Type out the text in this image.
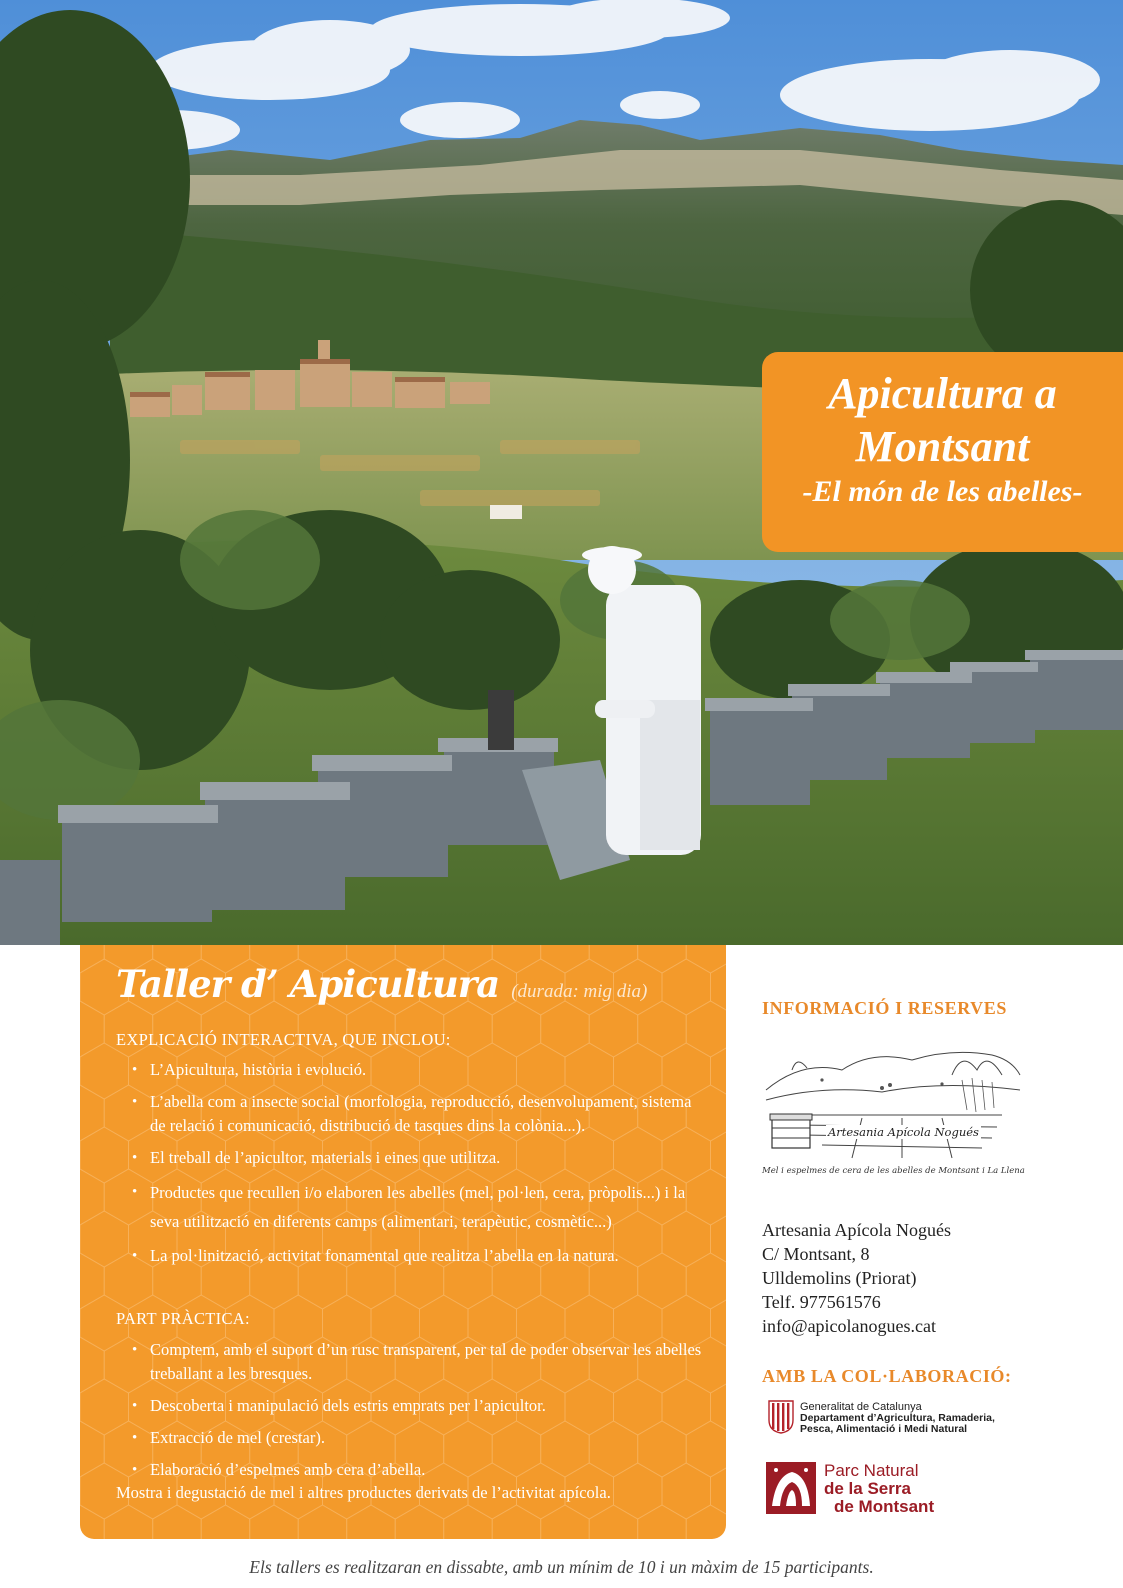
Apicultura a
Montsant
-El món de les abelles-
Taller d’ Apicultura (durada: mig dia)
EXPLICACIÓ INTERACTIVA, QUE INCLOU:
• L’Apicultura, història i evolució.
• L’abella com a insecte social (morfologia, reproducció, desenvolupament, sistema de relació i comunicació, distribució de tasques dins la colònia...).
• El treball de l’apicultor, materials i eines que utilitza.
• Productes que recullen i/o elaboren les abelles (mel, pol·len, cera, pròpolis...) i la seva utilització en diferents camps (alimentari, terapèutic, cosmètic...)
• La pol·linització, activitat fonamental que realitza l’abella en la natura.
PART PRÀCTICA:
• Comptem, amb el suport d’un rusc transparent, per tal de poder observar les abelles treballant a les bresques.
• Descoberta i manipulació dels estris emprats per l’apicultor.
• Extracció de mel (crestar).
• Elaboració d’espelmes amb cera d’abella.
Mostra i degustació de mel i altres productes derivats de l’activitat apícola.
INFORMACIÓ I RESERVES
Artesania Apícola Nogués
Mel i espelmes de cera de les abelles de Montsant i La Llena
Artesania Apícola Nogués
C/ Montsant, 8
Ulldemolins (Priorat)
Telf. 977561576
info@apicolanogues.cat
AMB LA COL·LABORACIÓ:
Generalitat de Catalunya
Departament d’Agricultura, Ramaderia,
Pesca, Alimentació i Medi Natural
Parc Natural
de la Serra
de Montsant
Els tallers es realitzaran en dissabte, amb un mínim de 10 i un màxim de 15 participants.
